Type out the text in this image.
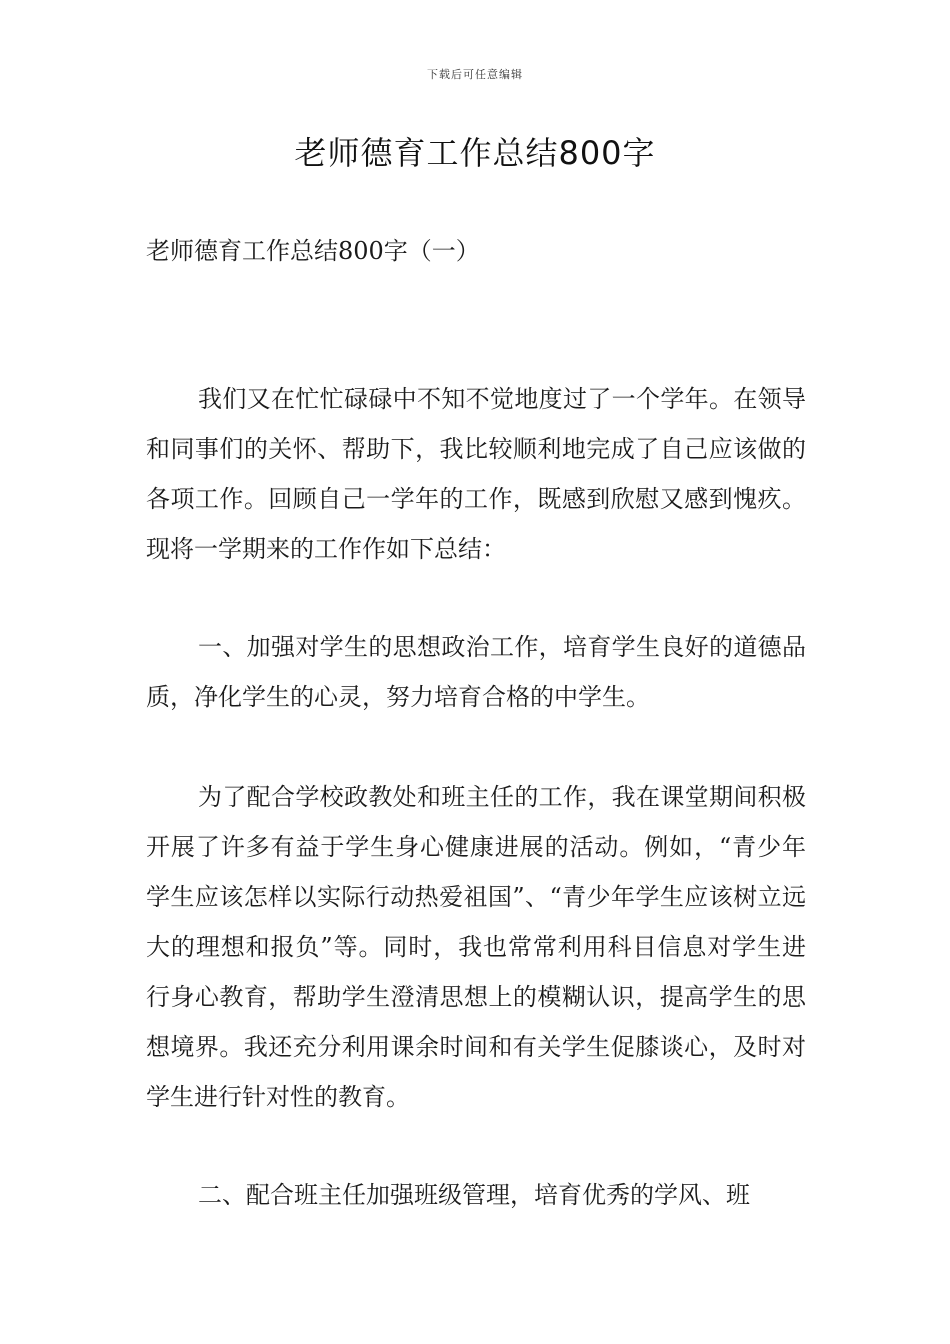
下载后可任意编辑
老师德育工作总结800字

老师德育工作总结800字（一）

我们又在忙忙碌碌中不知不觉地度过了一个学年。在领导和同事们的关怀、帮助下，我比较顺利地完成了自己应该做的各项工作。回顾自己一学年的工作，既感到欣慰又感到愧疚。现将一学期来的工作作如下总结：

一、加强对学生的思想政治工作，培育学生良好的道德品质，净化学生的心灵，努力培育合格的中学生。

为了配合学校政教处和班主任的工作，我在课堂期间积极开展了许多有益于学生身心健康进展的活动。例如，“青少年学生应该怎样以实际行动热爱祖国”、“青少年学生应该树立远大的理想和报负”等。同时，我也常常利用科目信息对学生进行身心教育，帮助学生澄清思想上的模糊认识，提高学生的思想境界。我还充分利用课余时间和有关学生促膝谈心，及时对学生进行针对性的教育。

二、配合班主任加强班级管理，培育优秀的学风、班
